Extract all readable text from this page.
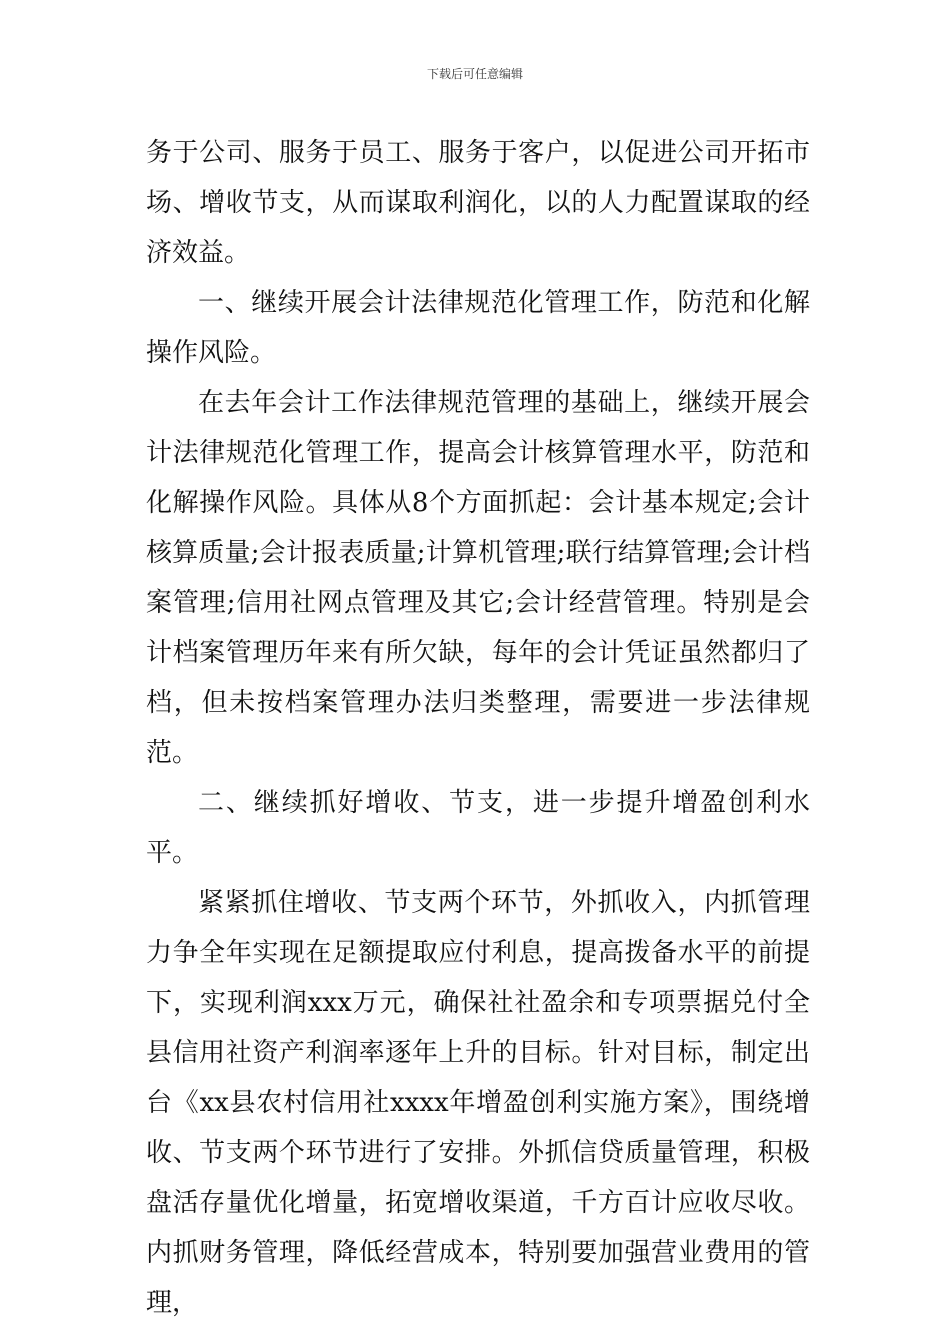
下载后可任意编辑

务于公司、服务于员工、服务于客户，以促进公司开拓市场、增收节支，从而谋取利润化，以的人力配置谋取的经济效益。

一、继续开展会计法律规范化管理工作，防范和化解操作风险。

在去年会计工作法律规范管理的基础上，继续开展会计法律规范化管理工作，提高会计核算管理水平，防范和化解操作风险。具体从8个方面抓起：会计基本规定;会计核算质量;会计报表质量;计算机管理;联行结算管理;会计档案管理;信用社网点管理及其它;会计经营管理。特别是会计档案管理历年来有所欠缺，每年的会计凭证虽然都归了档，但未按档案管理办法归类整理，需要进一步法律规范。

二、继续抓好增收、节支，进一步提升增盈创利水平。

紧紧抓住增收、节支两个环节，外抓收入，内抓管理力争全年实现在足额提取应付利息，提高拨备水平的前提下，实现利润xxx万元，确保社社盈余和专项票据兑付全县信用社资产利润率逐年上升的目标。针对目标，制定出台《xx县农村信用社xxxx年增盈创利实施方案》，围绕增收、节支两个环节进行了安排。外抓信贷质量管理，积极盘活存量优化增量，拓宽增收渠道，千方百计应收尽收。内抓财务管理，降低经营成本，特别要加强营业费用的管理，
